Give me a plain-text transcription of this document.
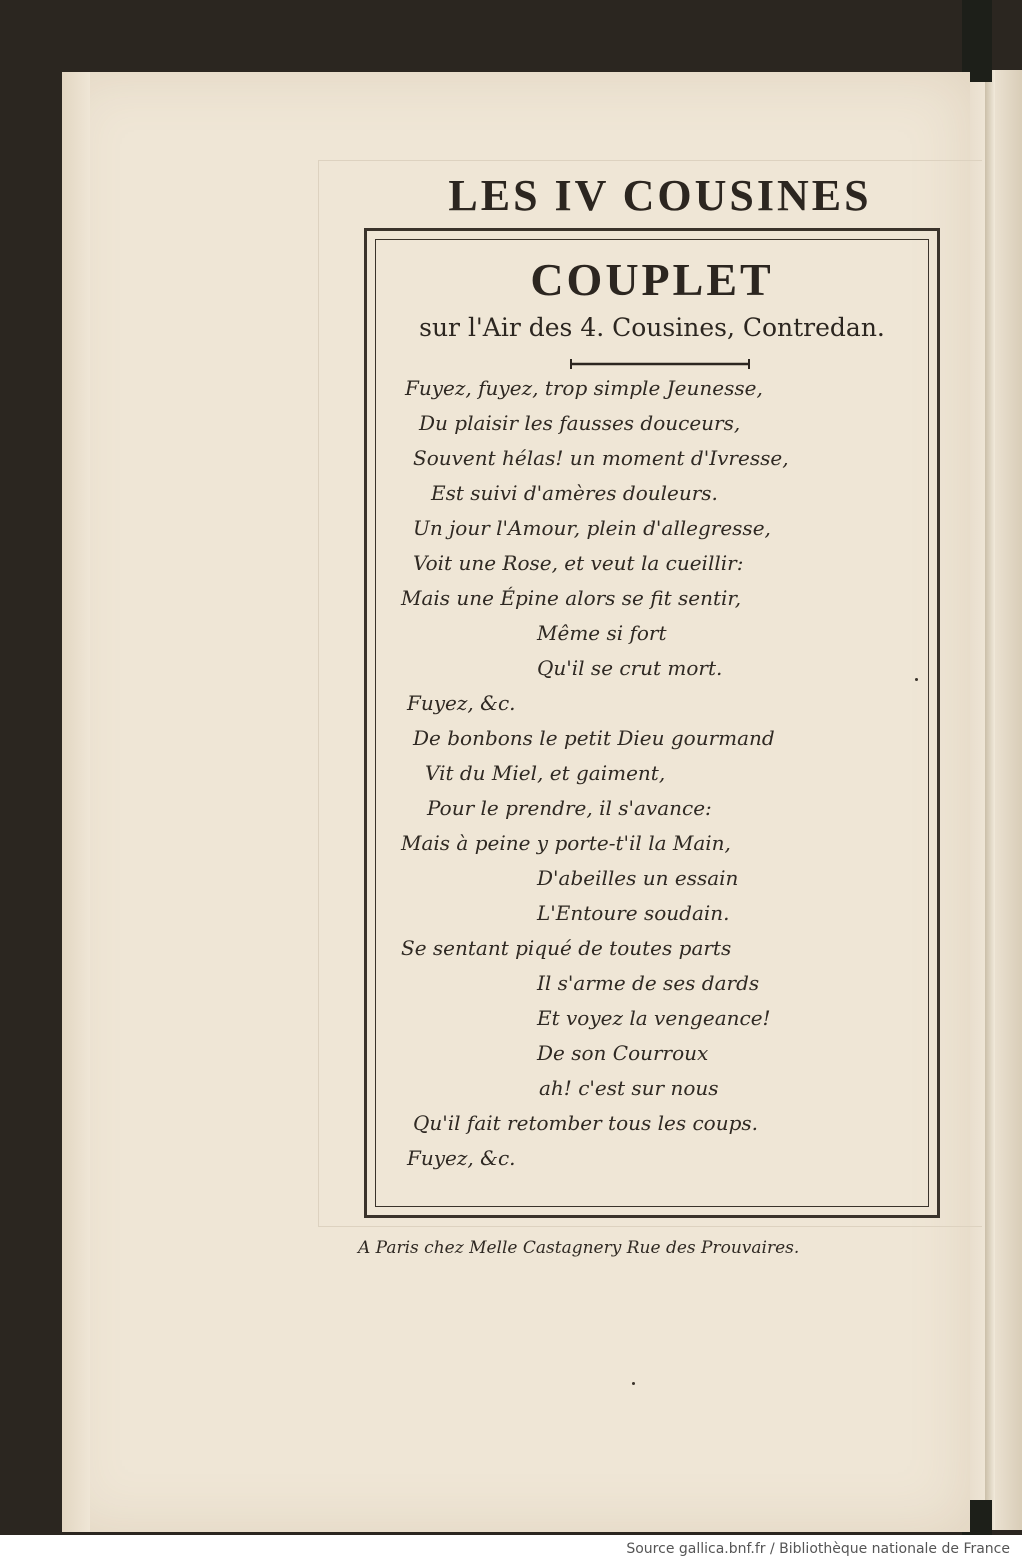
LES IV COUSINES
COUPLET

sur l'Air des 4. Cousines, Contredan.

Fuyez, fuyez, trop simple Jeunesse,
Du plaisir les fausses douceurs,
Souvent hélas! un moment d'Ivresse,
Est suivi d'amères douleurs.
Un jour l'Amour, plein d'allegresse,
Voit une Rose, et veut la cueillir:
Mais une Épine alors se fit sentir,
Même si fort
Qu'il se crut mort.
Fuyez, &c.
De bonbons le petit Dieu gourmand
Vit du Miel, et gaiment,
Pour le prendre, il s'avance:
Mais à peine y porte-t'il la Main,
D'abeilles un essain
L'Entoure soudain.
Se sentant piqué de toutes parts
Il s'arme de ses dards
Et voyez la vengeance!
De son Courroux
ah! c'est sur nous
Qu'il fait retomber tous les coups.
Fuyez, &c.
A Paris chez Melle Castagnery Rue des Prouvaires.
Source gallica.bnf.fr / Bibliothèque nationale de France
